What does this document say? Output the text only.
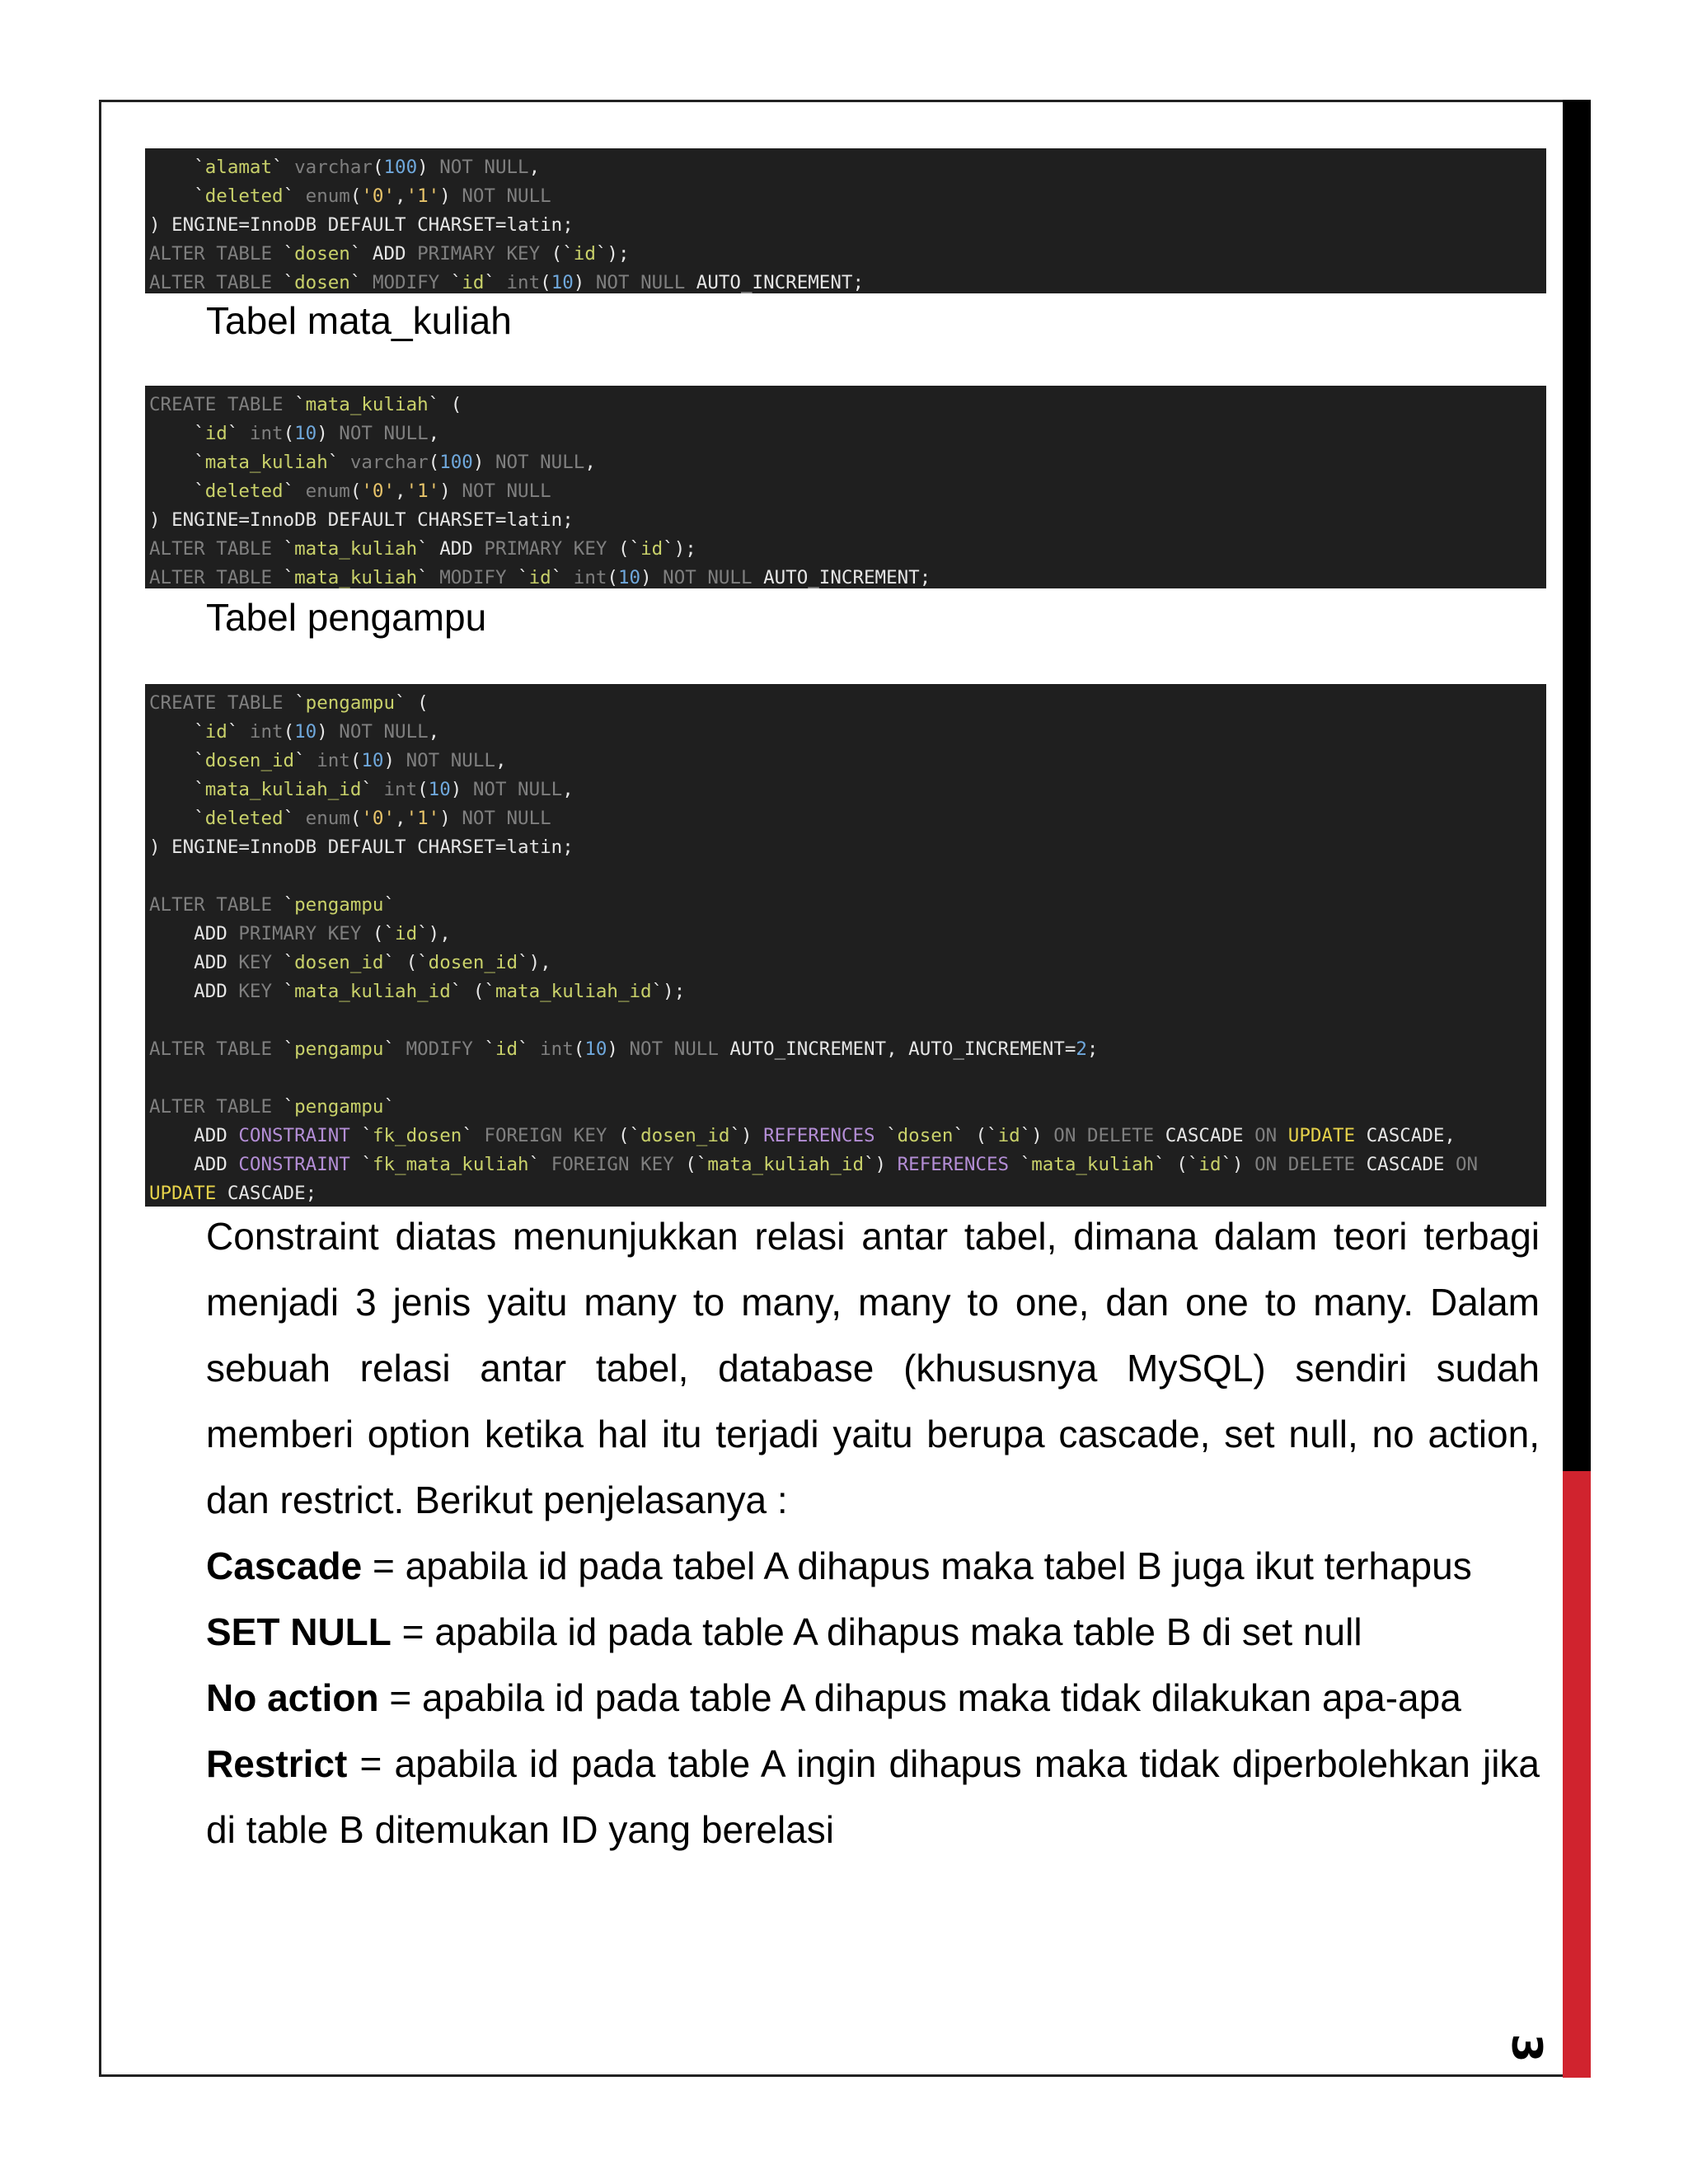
`alamat` varchar(100) NOT NULL,
`deleted` enum('0','1') NOT NULL
) ENGINE=InnoDB DEFAULT CHARSET=latin;
ALTER TABLE `dosen` ADD PRIMARY KEY (`id`);
ALTER TABLE `dosen` MODIFY `id` int(10) NOT NULL AUTO_INCREMENT;
Tabel mata_kuliah
CREATE TABLE `mata_kuliah` (
`id` int(10) NOT NULL,
`mata_kuliah` varchar(100) NOT NULL,
`deleted` enum('0','1') NOT NULL
) ENGINE=InnoDB DEFAULT CHARSET=latin;
ALTER TABLE `mata_kuliah` ADD PRIMARY KEY (`id`);
ALTER TABLE `mata_kuliah` MODIFY `id` int(10) NOT NULL AUTO_INCREMENT;
Tabel pengampu
CREATE TABLE `pengampu` (
`id` int(10) NOT NULL,
`dosen_id` int(10) NOT NULL,
`mata_kuliah_id` int(10) NOT NULL,
`deleted` enum('0','1') NOT NULL
) ENGINE=InnoDB DEFAULT CHARSET=latin;

ALTER TABLE `pengampu`
ADD PRIMARY KEY (`id`),
ADD KEY `dosen_id` (`dosen_id`),
ADD KEY `mata_kuliah_id` (`mata_kuliah_id`);

ALTER TABLE `pengampu` MODIFY `id` int(10) NOT NULL AUTO_INCREMENT, AUTO_INCREMENT=2;

ALTER TABLE `pengampu`
ADD CONSTRAINT `fk_dosen` FOREIGN KEY (`dosen_id`) REFERENCES `dosen` (`id`) ON DELETE CASCADE ON UPDATE CASCADE,
ADD CONSTRAINT `fk_mata_kuliah` FOREIGN KEY (`mata_kuliah_id`) REFERENCES `mata_kuliah` (`id`) ON DELETE CASCADE ON
UPDATE CASCADE;

Constraint diatas menunjukkan relasi antar tabel, dimana dalam teori terbagi menjadi 3 jenis yaitu many to many, many to one, dan one to many. Dalam sebuah relasi antar tabel, database (khususnya MySQL) sendiri sudah memberi option ketika hal itu terjadi yaitu berupa cascade, set null, no action, dan restrict. Berikut penjelasanya :

Cascade = apabila id pada tabel A dihapus maka tabel B juga ikut terhapus

SET NULL = apabila id pada table A dihapus maka table B di set null

No action = apabila id pada table A dihapus maka tidak dilakukan apa-apa

Restrict = apabila id pada table A ingin dihapus maka tidak diperbolehkan jika di table B ditemukan ID yang berelasi

3
